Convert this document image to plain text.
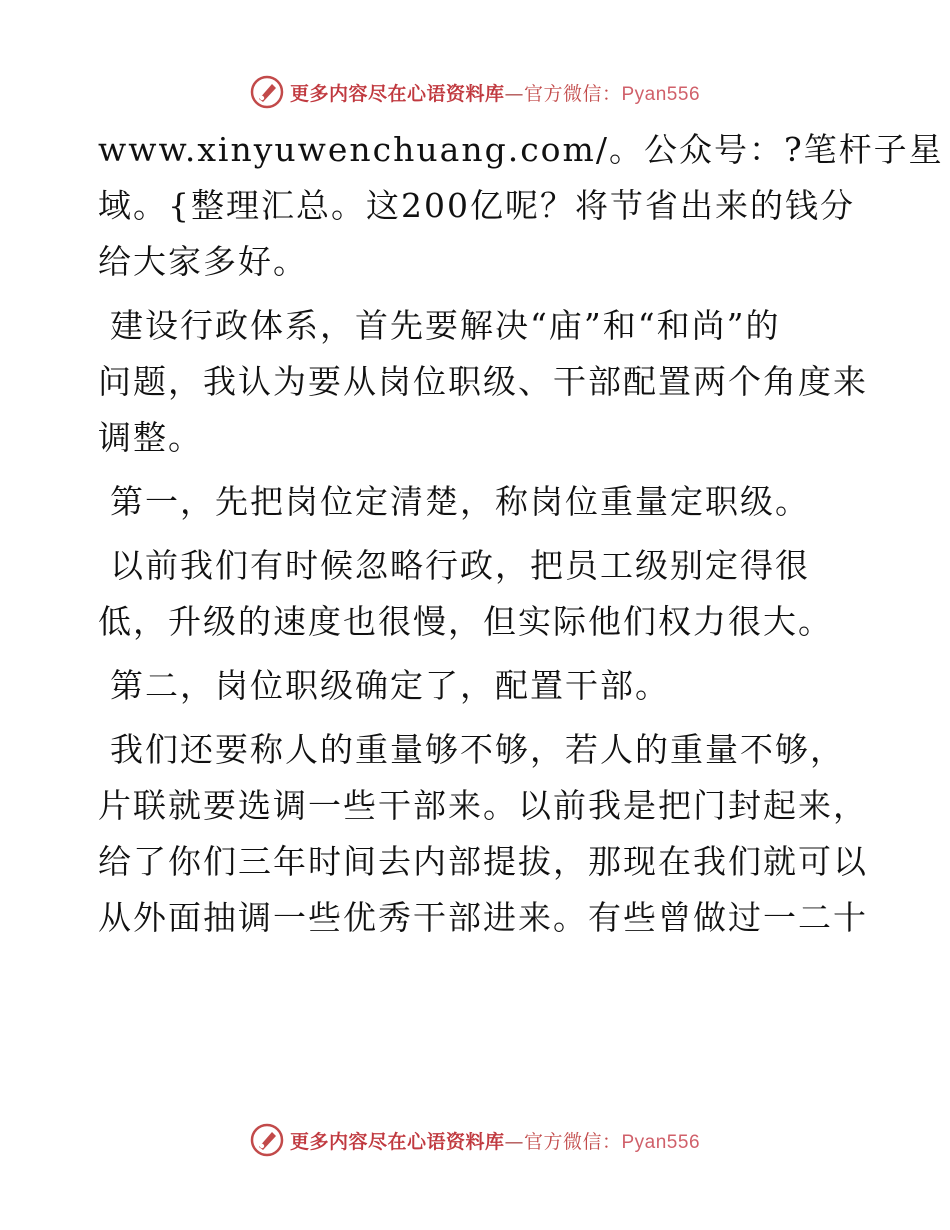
更多内容尽在心语资料库—官方微信：Pyan556

www.xinyuwenchuang.com/。公众号：?笔杆子星
域。{整理汇总。这200亿呢？将节省出来的钱分
给大家多好。

建设行政体系，首先要解决“庙”和“和尚”的
问题，我认为要从岗位职级、干部配置两个角度来
调整。

第一，先把岗位定清楚，称岗位重量定职级。

以前我们有时候忽略行政，把员工级别定得很
低，升级的速度也很慢，但实际他们权力很大。

第二，岗位职级确定了，配置干部。

我们还要称人的重量够不够，若人的重量不够，
片联就要选调一些干部来。以前我是把门封起来，
给了你们三年时间去内部提拔，那现在我们就可以
从外面抽调一些优秀干部进来。有些曾做过一二十

更多内容尽在心语资料库—官方微信：Pyan556
